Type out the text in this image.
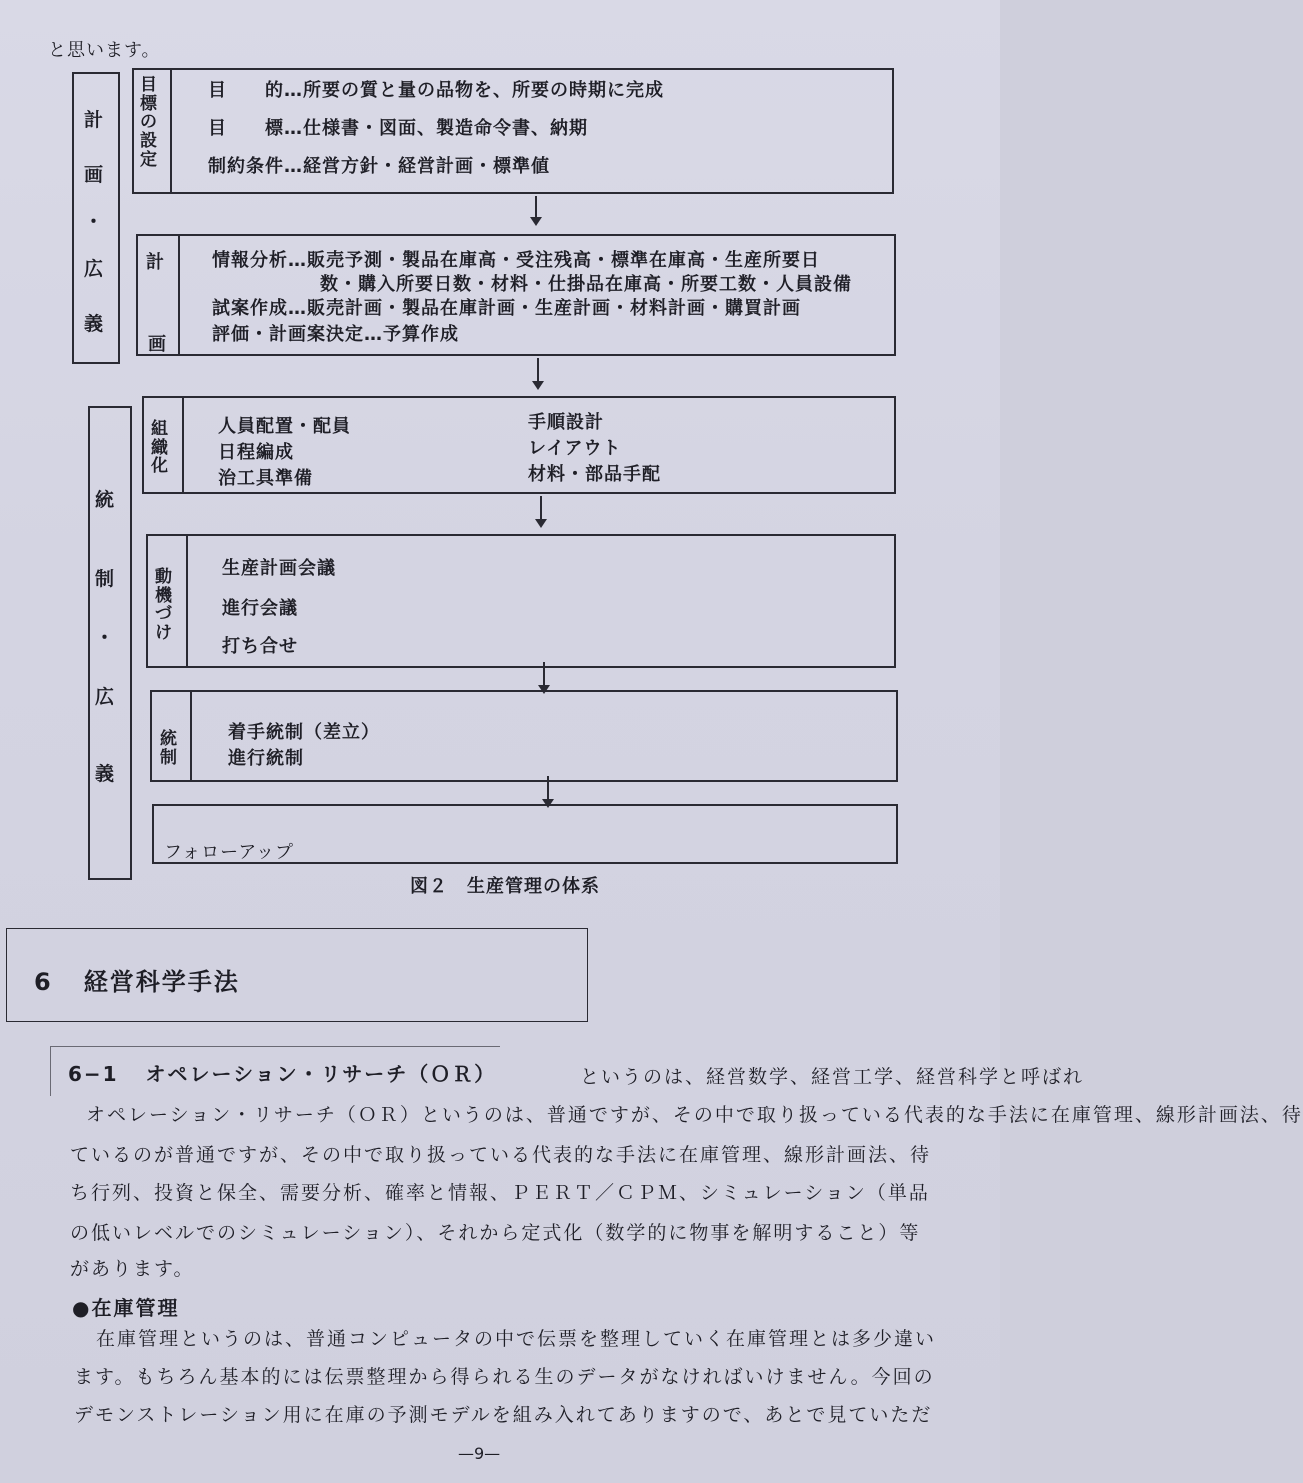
と思います。
計
画
・
広
義
目
標
の
設
定
目　　的…所要の質と量の品物を、所要の時期に完成
目　　標…仕様書・図面、製造命令書、納期
制約条件…経営方針・経営計画・標準値
計
画
情報分析…販売予測・製品在庫高・受注残高・標準在庫高・生産所要日
数・購入所要日数・材料・仕掛品在庫高・所要工数・人員設備
試案作成…販売計画・製品在庫計画・生産計画・材料計画・購買計画
評価・計画案決定…予算作成
統
制
・
広
義
組
織
化
人員配置・配員
日程編成
治工具準備
手順設計
レイアウト
材料・部品手配
動
機
づ
け
生産計画会議
進行会議
打ち合せ
統
制
着手統制（差立）
進行統制
フォローアップ
図２　生産管理の体系
6 経営科学手法
6−1 オペレーション・リサーチ（ＯＲ）	というのは、経営数学、経営工学、経営科学と呼ばれ
オペレーション・リサーチ（ＯＲ）というのは、普通ですが、その中で取り扱っている代表的な手法に在庫管理、線形計画法、待
ているのが普通ですが、その中で取り扱っている代表的な手法に在庫管理、線形計画法、待
ち行列、投資と保全、需要分析、確率と情報、ＰＥＲＴ／ＣＰＭ、シミュレーション（単品
の低いレベルでのシミュレーション）、それから定式化（数学的に物事を解明すること）等
があります。
●在庫管理
在庫管理というのは、普通コンピュータの中で伝票を整理していく在庫管理とは多少違い
ます。もちろん基本的には伝票整理から得られる生のデータがなければいけません。今回の
デモンストレーション用に在庫の予測モデルを組み入れてありますので、あとで見ていただ
—9—
